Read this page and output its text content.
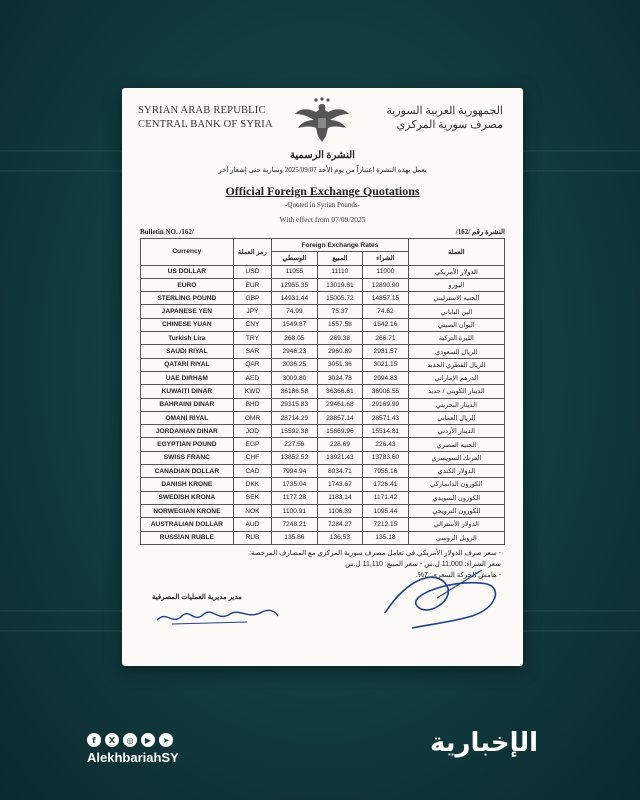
SYRIAN ARAB REPUBLIC
CENTRAL BANK OF SYRIA
الجمهورية العربية السورية
مصرف سورية المركزي
النشرة الرسمية
يعمل بهذه النشرة اعتباراً من يوم الأحد 2025/09/07 وسارية حتى إشعار آخر
Official Foreign Exchange Quotations
-Quoted in Syrian Pounds-
With effect from 07/09/2025
Bulletin NO. /162/	النشرة رقم /162/
Currency	رمز العملة	Foreign Exchange Rates			العملة
		الوسطي	المبيع	الشراء	
US DOLLAR	USD	11055	11110	11000	الدولار الأمريكي
EURO	EUR	12955.35	13019.81	12890.90	اليورو
STERLING POUND	GBP	14931.44	15005.72	14857.15	الجنيه الاسترليني
JAPANESE YEN	JPY	74.99	75.37	74.62	الين الياباني
CHINESE YUAN	CNY	1549.87	1557.58	1542.16	اليوان الصيني
Turkish Lira	TRY	268.05	269.38	266.71	الليرة التركية
SAUDI RIYAL	SAR	2946.23	2960.89	2931.57	الريال السعودي
QATARI RIYAL	QAR	3036.25	3051.36	3021.15	الريال القطري الجديد
UAE DIRHAM	AED	3009.80	3024.78	2994.83	الدرهم الإماراتي
KUWAITI DINAR	KWD	36186.58	36366.61	36006.55	الدينار الكويتي / جديد
BAHRAINI DINAR	BHD	29315.83	29461.68	29169.99	الدينار البحريني
OMANI RIYAL	OMR	28714.29	28857.14	28571.43	الريال العماني
JORDANIAN DINAR	JOD	15592.38	15669.96	15514.81	الدينار الأردني
EGYPTIAN POUND	EGP	227.56	228.69	226.43	الجنيه المصري
SWISS FRANC	CHF	13852.52	13921.43	13783.60	الفرنك السويسري
CANADIAN DOLLAR	CAD	7994.94	8034.71	7955.16	الدولار الكندي
DANISH KRONE	DKK	1735.04	1743.67	1726.41	الكورون الدانماركي
SWEDISH KRONA	SEK	1177.28	1183.14	1171.42	الكورون السويدي
NORWEGIAN KRONE	NOK	1100.91	1106.39	1095.44	الكورون النرويجي
AUSTRALIAN DOLLAR	AUD	7248.21	7284.27	7212.15	الدولار الأسترالي
RUSSIAN RUBLE	RUB	135.86	136.53	135.18	الروبل الروسي
- سعر صرف الدولار الأمريكي في تعامل مصرف سورية المركزي مع المصارف المرخصة:
سعر الشراء: 11,000 ل.س - سعر المبيع: 11,110 ل.س
- هامش الحركة السعري: 7%.
مدير مديرية العمليات المصرفية
f	X	◎	▶	➤
AlekhbariahSY	الإخبارية
